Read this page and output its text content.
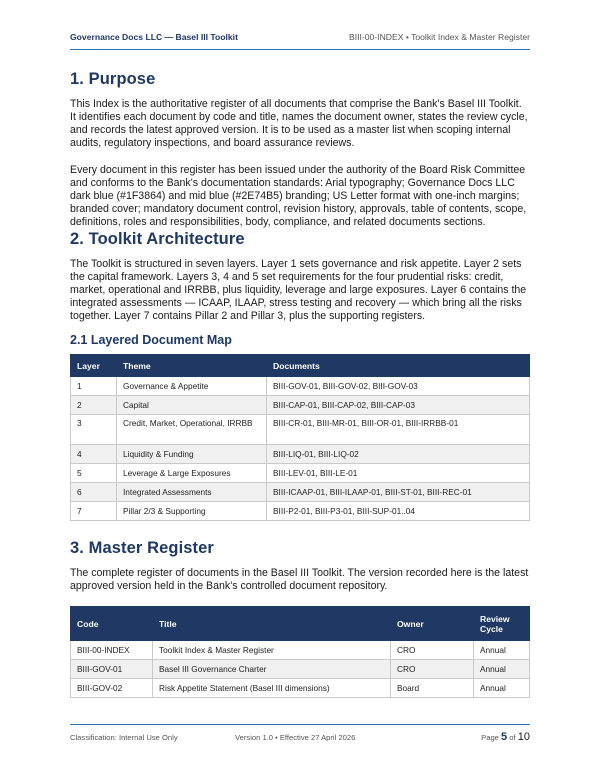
Governance Docs LLC — Basel III Toolkit	BIII-00-INDEX • Toolkit Index & Master Register
1. Purpose

This Index is the authoritative register of all documents that comprise the Bank's Basel III Toolkit. It identifies each document by code and title, names the document owner, states the review cycle, and records the latest approved version. It is to be used as a master list when scoping internal audits, regulatory inspections, and board assurance reviews.

Every document in this register has been issued under the authority of the Board Risk Committee and conforms to the Bank's documentation standards: Arial typography; Governance Docs LLC dark blue (#1F3864) and mid blue (#2E74B5) branding; US Letter format with one-inch margins; branded cover; mandatory document control, revision history, approvals, table of contents, scope, definitions, roles and responsibilities, body, compliance, and related documents sections.

2. Toolkit Architecture

The Toolkit is structured in seven layers. Layer 1 sets governance and risk appetite. Layer 2 sets the capital framework. Layers 3, 4 and 5 set requirements for the four prudential risks: credit, market, operational and IRRBB, plus liquidity, leverage and large exposures. Layer 6 contains the integrated assessments — ICAAP, ILAAP, stress testing and recovery — which bring all the risks together. Layer 7 contains Pillar 2 and Pillar 3, plus the supporting registers.

2.1 Layered Document Map
Layer	Theme	Documents
1	Governance & Appetite	BIII-GOV-01, BIII-GOV-02, BIII-GOV-03
2	Capital	BIII-CAP-01, BIII-CAP-02, BIII-CAP-03
3	Credit, Market, Operational, IRRBB	BIII-CR-01, BIII-MR-01, BIII-OR-01, BIII-IRRBB-01
4	Liquidity & Funding	BIII-LIQ-01, BIII-LIQ-02
5	Leverage & Large Exposures	BIII-LEV-01, BIII-LE-01
6	Integrated Assessments	BIII-ICAAP-01, BIII-ILAAP-01, BIII-ST-01, BIII-REC-01
7	Pillar 2/3 & Supporting	BIII-P2-01, BIII-P3-01, BIII-SUP-01..04
3. Master Register

The complete register of documents in the Basel III Toolkit. The version recorded here is the latest approved version held in the Bank's controlled document repository.

Code	Title	Owner	Review Cycle
BIII-00-INDEX	Toolkit Index & Master Register	CRO	Annual
BIII-GOV-01	Basel III Governance Charter	CRO	Annual
BIII-GOV-02	Risk Appetite Statement (Basel III dimensions)	Board	Annual
Classification: Internal Use Only	Version 1.0 • Effective 27 April 2026	Page 5 of 10
